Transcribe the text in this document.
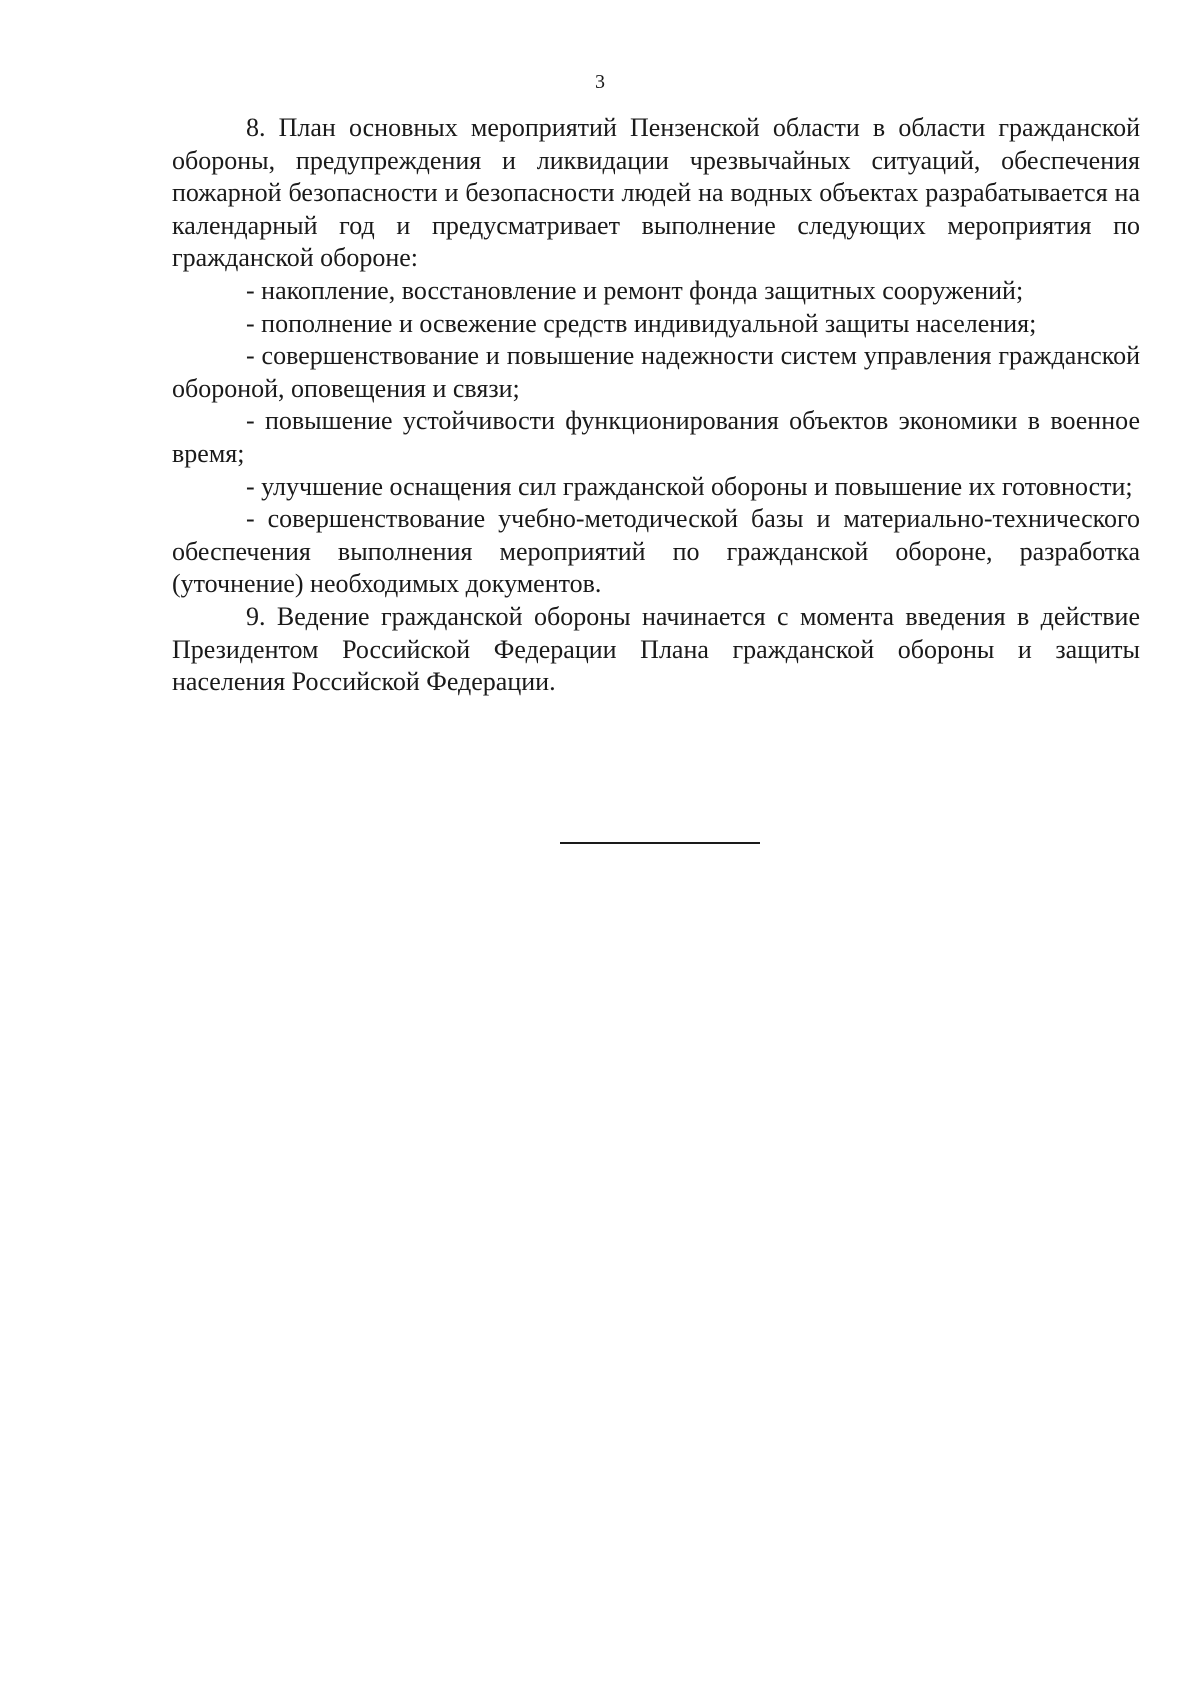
3

8. План основных мероприятий Пензенской области в области гражданской обороны, предупреждения и ликвидации чрезвычайных ситуаций, обеспечения пожарной безопасности и безопасности людей на водных объектах разрабатывается на календарный год и предусматривает выполнение следующих мероприятия по гражданской обороне:

- накопление, восстановление и ремонт фонда защитных сооружений;

- пополнение и освежение средств индивидуальной защиты населения;

- совершенствование и повышение надежности систем управления гражданской обороной, оповещения и связи;

- повышение устойчивости функционирования объектов экономики в военное время;

- улучшение оснащения сил гражданской обороны и повышение их готовности;

- совершенствование учебно-методической базы и материально-технического обеспечения выполнения мероприятий по гражданской обороне, разработка (уточнение) необходимых документов.

9. Ведение гражданской обороны начинается с момента введения в действие Президентом Российской Федерации Плана гражданской обороны и защиты населения Российской Федерации.
